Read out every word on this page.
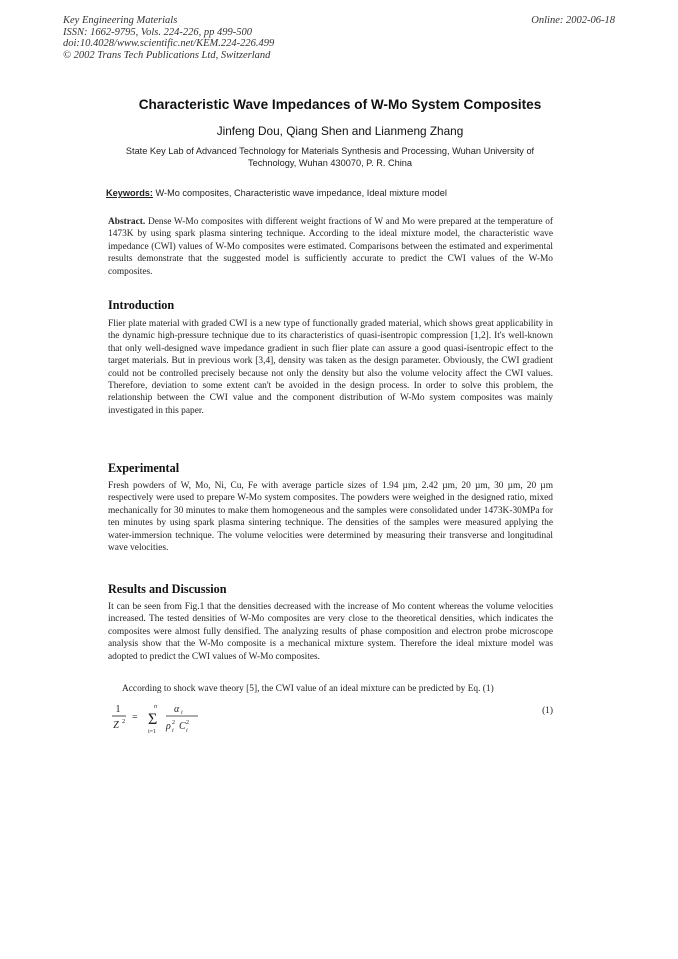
Key Engineering Materials
ISSN: 1662-9795, Vols. 224-226, pp 499-500
doi:10.4028/www.scientific.net/KEM.224-226.499
© 2002 Trans Tech Publications Ltd, Switzerland
Online: 2002-06-18
Characteristic Wave Impedances of W-Mo System Composites
Jinfeng Dou, Qiang Shen and Lianmeng Zhang
State Key Lab of Advanced Technology for Materials Synthesis and Processing, Wuhan University of Technology, Wuhan 430070, P. R. China
Keywords: W-Mo composites, Characteristic wave impedance, Ideal mixture model
Abstract. Dense W-Mo composites with different weight fractions of W and Mo were prepared at the temperature of 1473K by using spark plasma sintering technique. According to the ideal mixture model, the characteristic wave impedance (CWI) values of W-Mo composites were estimated. Comparisons between the estimated and experimental results demonstrate that the suggested model is sufficiently accurate to predict the CWI values of the W-Mo composites.
Introduction
Flier plate material with graded CWI is a new type of functionally graded material, which shows great applicability in the dynamic high-pressure technique due to its characteristics of quasi-isentropic compression [1,2]. It's well-known that only well-designed wave impedance gradient in such flier plate can assure a good quasi-isentropic effect to the target materials. But in previous work [3,4], density was taken as the design parameter. Obviously, the CWI gradient could not be controlled precisely because not only the density but also the volume velocity affect the CWI values. Therefore, deviation to some extent can't be avoided in the design process. In order to solve this problem, the relationship between the CWI value and the component distribution of W-Mo system composites was mainly investigated in this paper.
Experimental
Fresh powders of W, Mo, Ni, Cu, Fe with average particle sizes of 1.94 µm, 2.42 µm, 20 µm, 30 µm, 20 µm respectively were used to prepare W-Mo system composites. The powders were weighed in the designed ratio, mixed mechanically for 30 minutes to make them homogeneous and the samples were consolidated under 1473K-30MPa for ten minutes by using spark plasma sintering technique. The densities of the samples were measured applying the water-immersion technique. The volume velocities were determined by measuring their transverse and longitudinal wave velocities.
Results and Discussion
It can be seen from Fig.1 that the densities decreased with the increase of Mo content whereas the volume velocities increased. The tested densities of W-Mo composites are very close to the theoretical densities, which indicates the composites were almost fully densified. The analyzing results of phase composition and electron probe microscope analysis show that the W-Mo composite is a mechanical mixture system. Therefore the ideal mixture model was adopted to predict the CWI values of W-Mo composites.
According to shock wave theory [5], the CWI value of an ideal mixture can be predicted by Eq. (1)
1
Z 2 = Σ
n
i=1
α i
ρ i
2 C i
2
(1)
